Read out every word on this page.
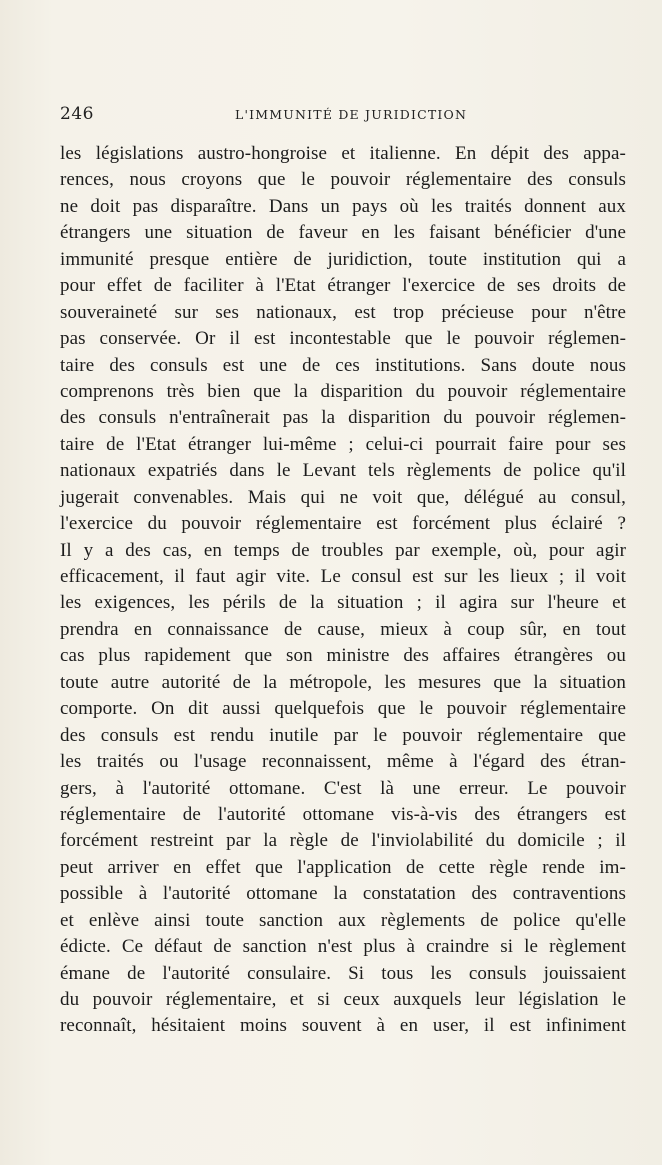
246	L'IMMUNITÉ DE JURIDICTION
les législations austro-hongroise et italienne. En dépit des appa-
rences, nous croyons que le pouvoir réglementaire des consuls
ne doit pas disparaître. Dans un pays où les traités donnent aux
étrangers une situation de faveur en les faisant bénéficier d'une
immunité presque entière de juridiction, toute institution qui a
pour effet de faciliter à l'Etat étranger l'exercice de ses droits de
souveraineté sur ses nationaux, est trop précieuse pour n'être
pas conservée. Or il est incontestable que le pouvoir réglemen-
taire des consuls est une de ces institutions. Sans doute nous
comprenons très bien que la disparition du pouvoir réglementaire
des consuls n'entraînerait pas la disparition du pouvoir réglemen-
taire de l'Etat étranger lui-même ; celui-ci pourrait faire pour ses
nationaux expatriés dans le Levant tels règlements de police qu'il
jugerait convenables. Mais qui ne voit que, délégué au consul,
l'exercice du pouvoir réglementaire est forcément plus éclairé ?
Il y a des cas, en temps de troubles par exemple, où, pour agir
efficacement, il faut agir vite. Le consul est sur les lieux ; il voit
les exigences, les périls de la situation ; il agira sur l'heure et
prendra en connaissance de cause, mieux à coup sûr, en tout
cas plus rapidement que son ministre des affaires étrangères ou
toute autre autorité de la métropole, les mesures que la situation
comporte. On dit aussi quelquefois que le pouvoir réglementaire
des consuls est rendu inutile par le pouvoir réglementaire que
les traités ou l'usage reconnaissent, même à l'égard des étran-
gers, à l'autorité ottomane. C'est là une erreur. Le pouvoir
réglementaire de l'autorité ottomane vis-à-vis des étrangers est
forcément restreint par la règle de l'inviolabilité du domicile ; il
peut arriver en effet que l'application de cette règle rende im-
possible à l'autorité ottomane la constatation des contraventions
et enlève ainsi toute sanction aux règlements de police qu'elle
édicte. Ce défaut de sanction n'est plus à craindre si le règlement
émane de l'autorité consulaire. Si tous les consuls jouissaient
du pouvoir réglementaire, et si ceux auxquels leur législation le
reconnaît, hésitaient moins souvent à en user, il est infiniment
